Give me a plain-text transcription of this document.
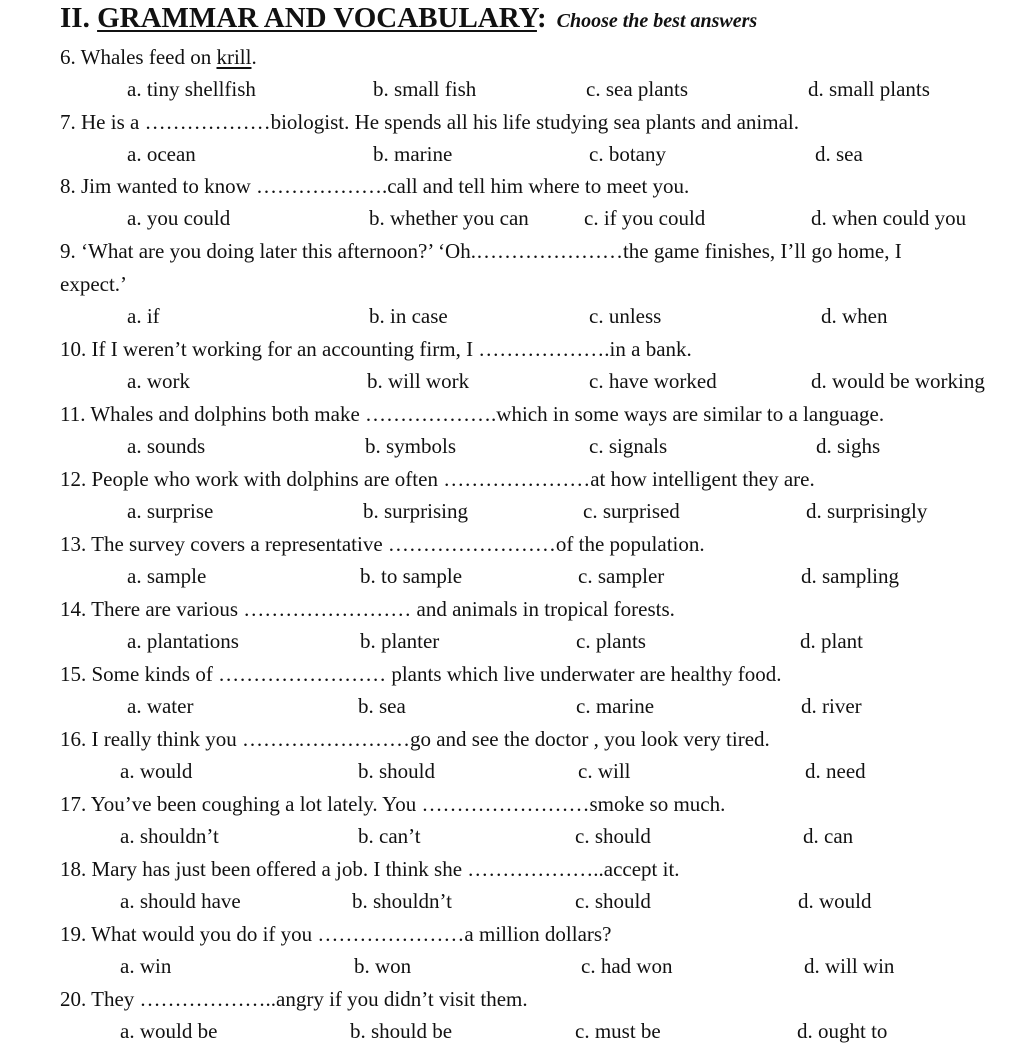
II. GRAMMAR AND VOCABULARY: Choose the best answers
6. Whales feed on krill.
a. tiny shellfish	b. small fish	c. sea plants	d. small plants
7. He is a ………………biologist. He spends all his life studying sea plants and animal.
a. ocean	b. marine	c. botany	d. sea
8. Jim wanted to know ……………….call and tell him where to meet you.
a. you could	b. whether you can	c. if you could	d. when could you
9. ‘What are you doing later this afternoon?’ ‘Oh.…………………the game finishes, I’ll go home, I
expect.’
a. if	b. in case	c. unless	d. when
10. If I weren’t working for an accounting firm, I ……………….in a bank.
a. work	b. will work	c. have worked	d. would be working
11. Whales and dolphins both make ……………….which in some ways are similar to a language.
a. sounds	b. symbols	c. signals	d. sighs
12. People who work with dolphins are often …………………at how intelligent they are.
a. surprise	b. surprising	c. surprised	d. surprisingly
13. The survey covers a representative ……………………of the population.
a. sample	b. to sample	c. sampler	d. sampling
14. There are various …………………… and animals in tropical forests.
a. plantations	b. planter	c. plants	d. plant
15. Some kinds of …………………… plants which live underwater are healthy food.
a. water	b. sea	c. marine	d. river
16. I really think you ……………………go and see the doctor , you look very tired.
a. would	b. should	c. will	d. need
17. You’ve been coughing a lot lately. You ……………………smoke so much.
a. shouldn’t	b. can’t	c. should	d. can
18. Mary has just been offered a job. I think she ………………..accept it.
a. should have	b. shouldn’t	c. should	d. would
19. What would you do if you …………………a million dollars?
a. win	b. won	c. had won	d. will win
20. They ………………..angry if you didn’t visit them.
a. would be	b. should be	c. must be	d. ought to
